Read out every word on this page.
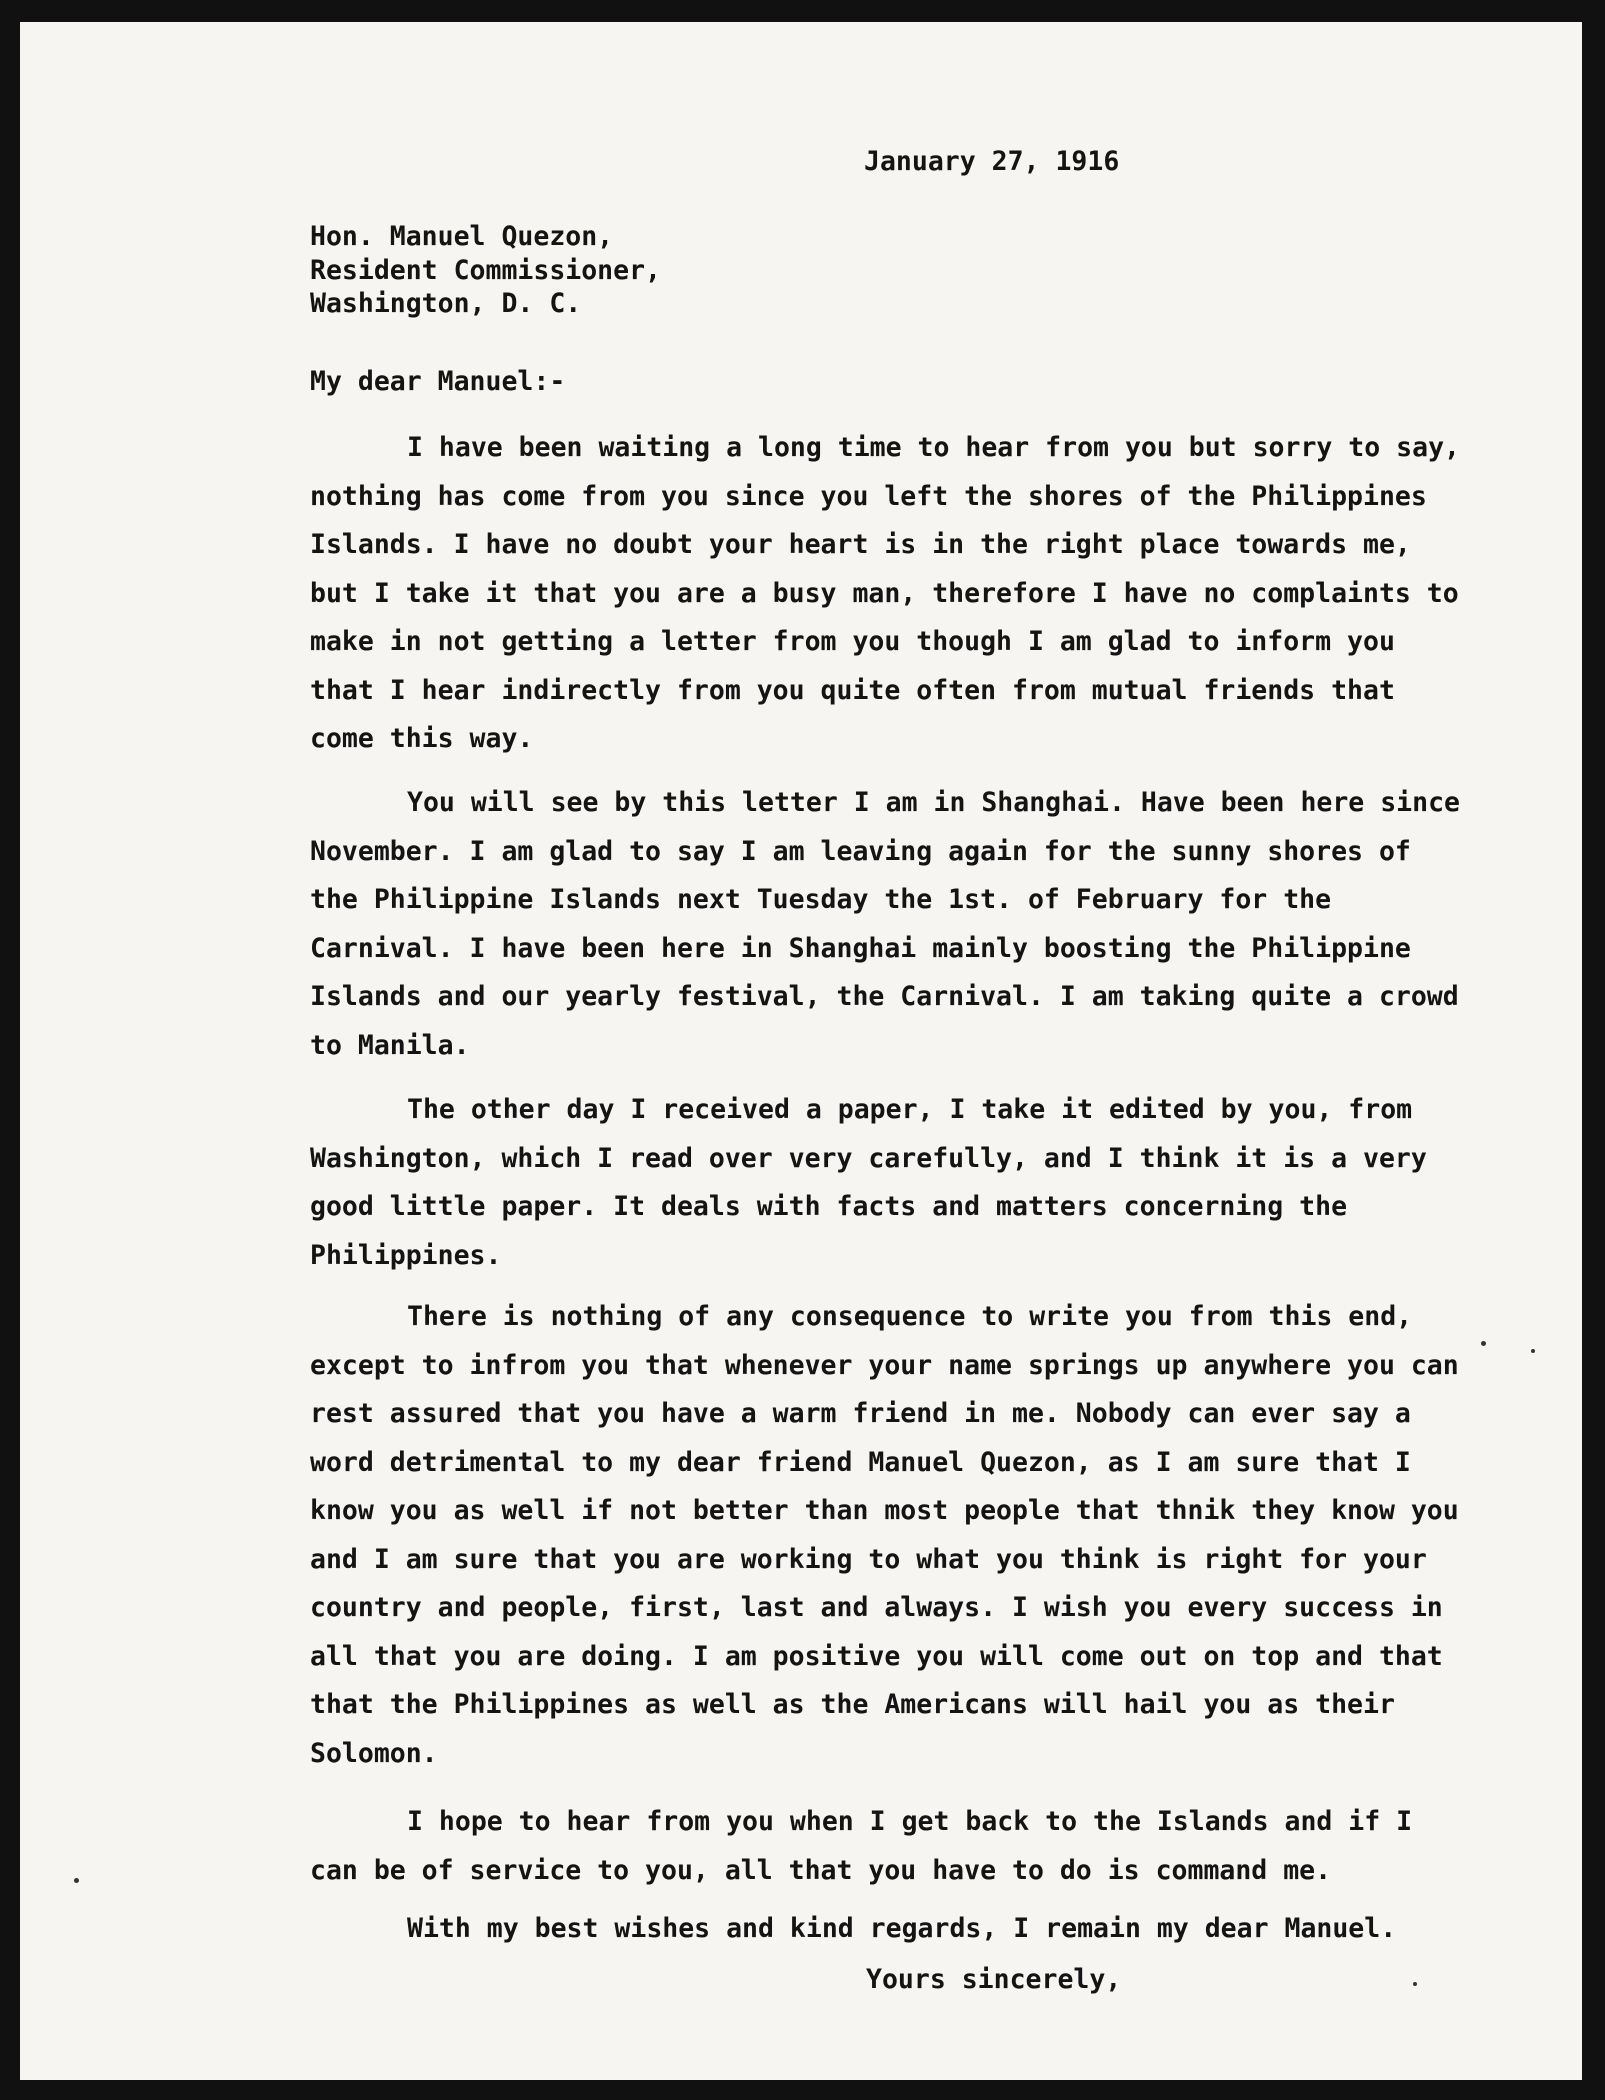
January 27, 1916
Hon. Manuel Quezon,
Resident Commissioner,
Washington, D. C.
My dear Manuel:-

I have been waiting a long time to hear from you but sorry to say, nothing has come from you since you left the shores of the Philippines Islands. I have no doubt your heart is in the right place towards me, but I take it that you are a busy man, therefore I have no complaints to make in not getting a letter from you though I am glad to inform you that I hear indirectly from you quite often from mutual friends that come this way.

You will see by this letter I am in Shanghai. Have been here since November. I am glad to say I am leaving again for the sunny shores of the Philippine Islands next Tuesday the 1st. of February for the Carnival. I have been here in Shanghai mainly boosting the Philippine Islands and our yearly festival, the Carnival. I am taking quite a crowd to Manila.

The other day I received a paper, I take it edited by you, from Washington, which I read over very carefully, and I think it is a very good little paper. It deals with facts and matters concerning the Philippines.

There is nothing of any consequence to write you from this end, except to infrom you that whenever your name springs up anywhere you can rest assured that you have a warm friend in me. Nobody can ever say a word detrimental to my dear friend Manuel Quezon, as I am sure that I know you as well if not better than most people that thnik they know you and I am sure that you are working to what you think is right for your country and people, first, last and always. I wish you every success in all that you are doing. I am positive you will come out on top and that that the Philippines as well as the Americans will hail you as their Solomon.

I hope to hear from you when I get back to the Islands and if I can be of service to you, all that you have to do is command me.

With my best wishes and kind regards, I remain my dear Manuel.

Yours sincerely,
